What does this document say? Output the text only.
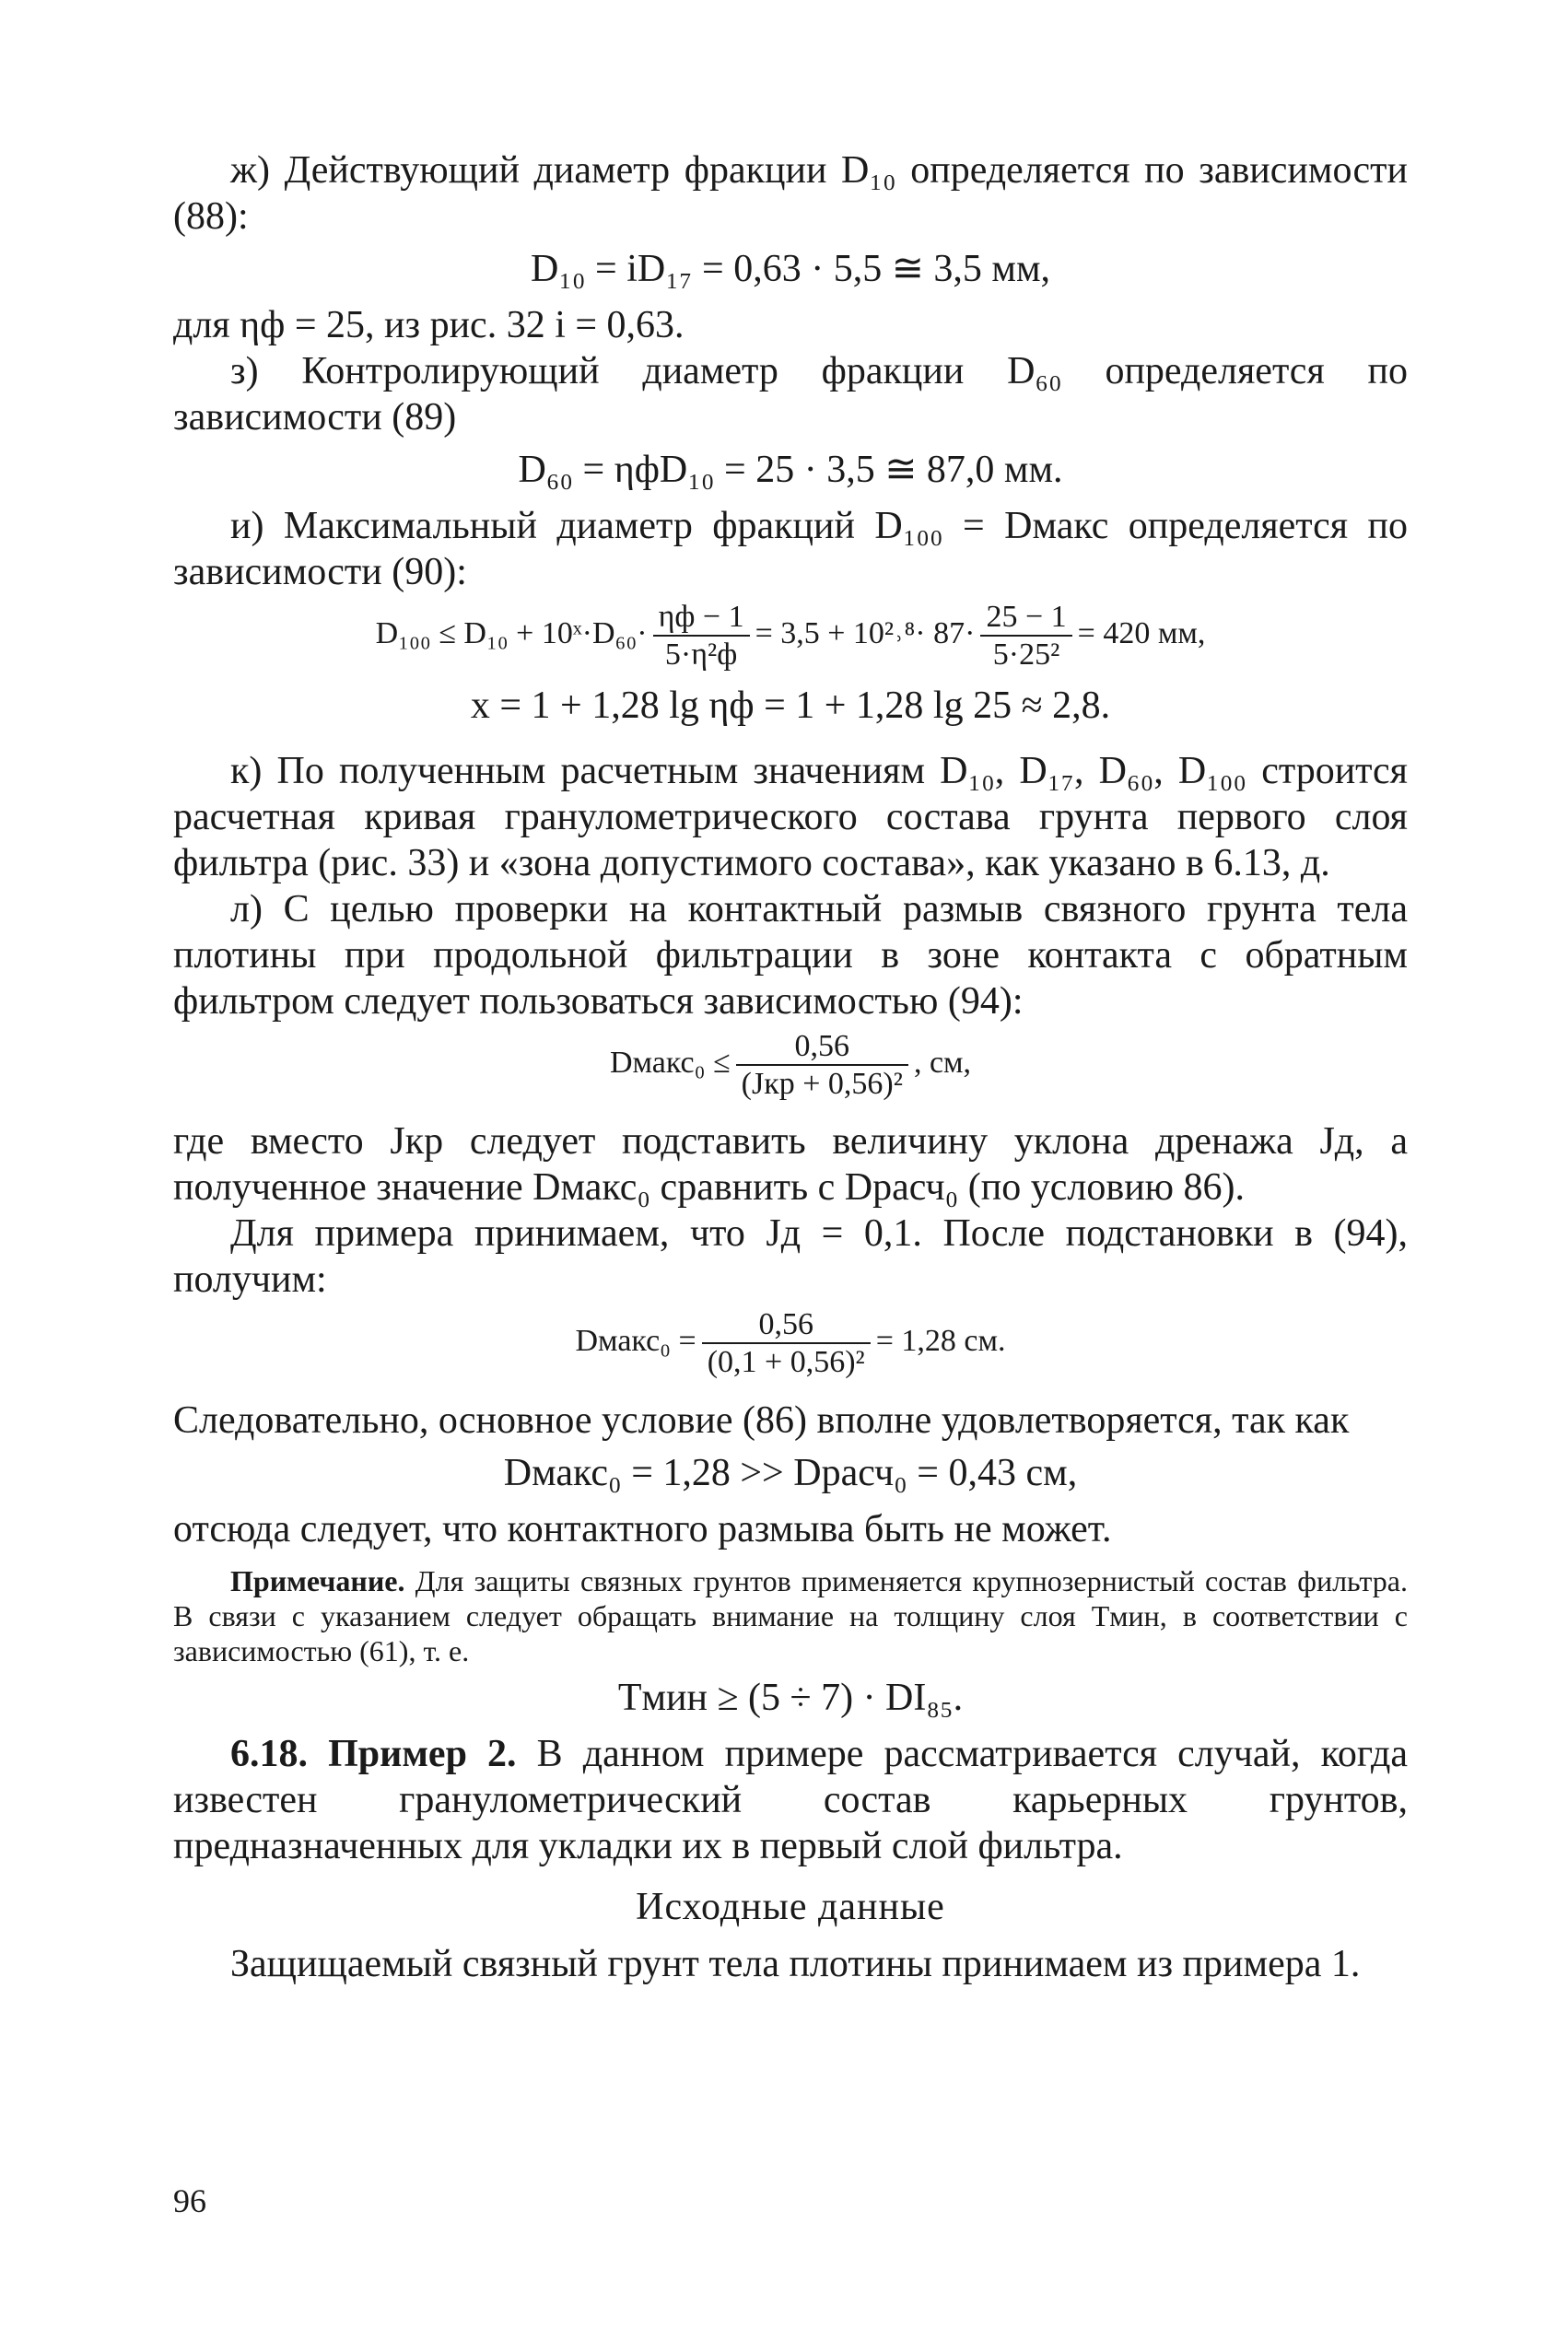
ж) Действующий диаметр фракции D₁₀ определяется по зависимости (88):

D₁₀ = iD₁₇ = 0,63 · 5,5 ≅ 3,5 мм,

для ηф = 25, из рис. 32 i = 0,63.

з) Контролирующий диаметр фракции D₆₀ определяется по зависимости (89)

D₆₀ = ηфD₁₀ = 25 · 3,5 ≅ 87,0 мм.

и) Максимальный диаметр фракций D₁₀₀ = Dмакс определяется по зависимости (90):

D₁₀₀ ≤ D₁₀ + 10ˣ·D₆₀· $\frac{\eta ф - 1}{\text{5·η²ф}} = 3,5$ + 10²˒⁸· $87\cdot \frac{25 - 1}{\text{5·25²}} = 420$ мм,
x = 1 + 1,28 lg ηф = 1 + 1,28 lg 25 ≈ 2,8.

к) По полученным расчетным значениям D₁₀, D₁₇, D₆₀, D₁₀₀ строится расчетная кривая гранулометрического состава грунта первого слоя фильтра (рис. 33) и «зона допустимого состава», как указано в 6.13, д.

л) С целью проверки на контактный размыв связного грунта тела плотины при продольной фильтрации в зоне контакта с обратным фильтром следует пользоваться зависимостью (94):

Dмакс₀ ≤ $\frac{0,56}{\text{(Jкр + 0,56)²}}$ , см,

где вместо Jкр следует подставить величину уклона дренажа Jд, а полученное значение Dмакс₀ сравнить с Dрасч₀ (по условию 86).

Для примера принимаем, что Jд = 0,1. После подстановки в (94), получим:

Dмакс₀ = $\frac{0,56}{\text{(0,1 + 0,56)²}} = 1,28$ см.

Следовательно, основное условие (86) вполне удовлетворяется, так как

Dмакс₀ = 1,28 >> Dрасч₀ = 0,43 см,

отсюда следует, что контактного размыва быть не может.

Примечание. Для защиты связных грунтов применяется крупнозернистый состав фильтра. В связи с указанием следует обращать внимание на толщину слоя Tмин, в соответствии с зависимостью (61), т. е.

Tмин ≥ (5 ÷ 7) · DI₈₅.

6.18. Пример 2. В данном примере рассматривается случай, когда известен гранулометрический состав карьерных грунтов, предназначенных для укладки их в первый слой фильтра.

Исходные данные

Защищаемый связный грунт тела плотины принимаем из примера 1.

96
